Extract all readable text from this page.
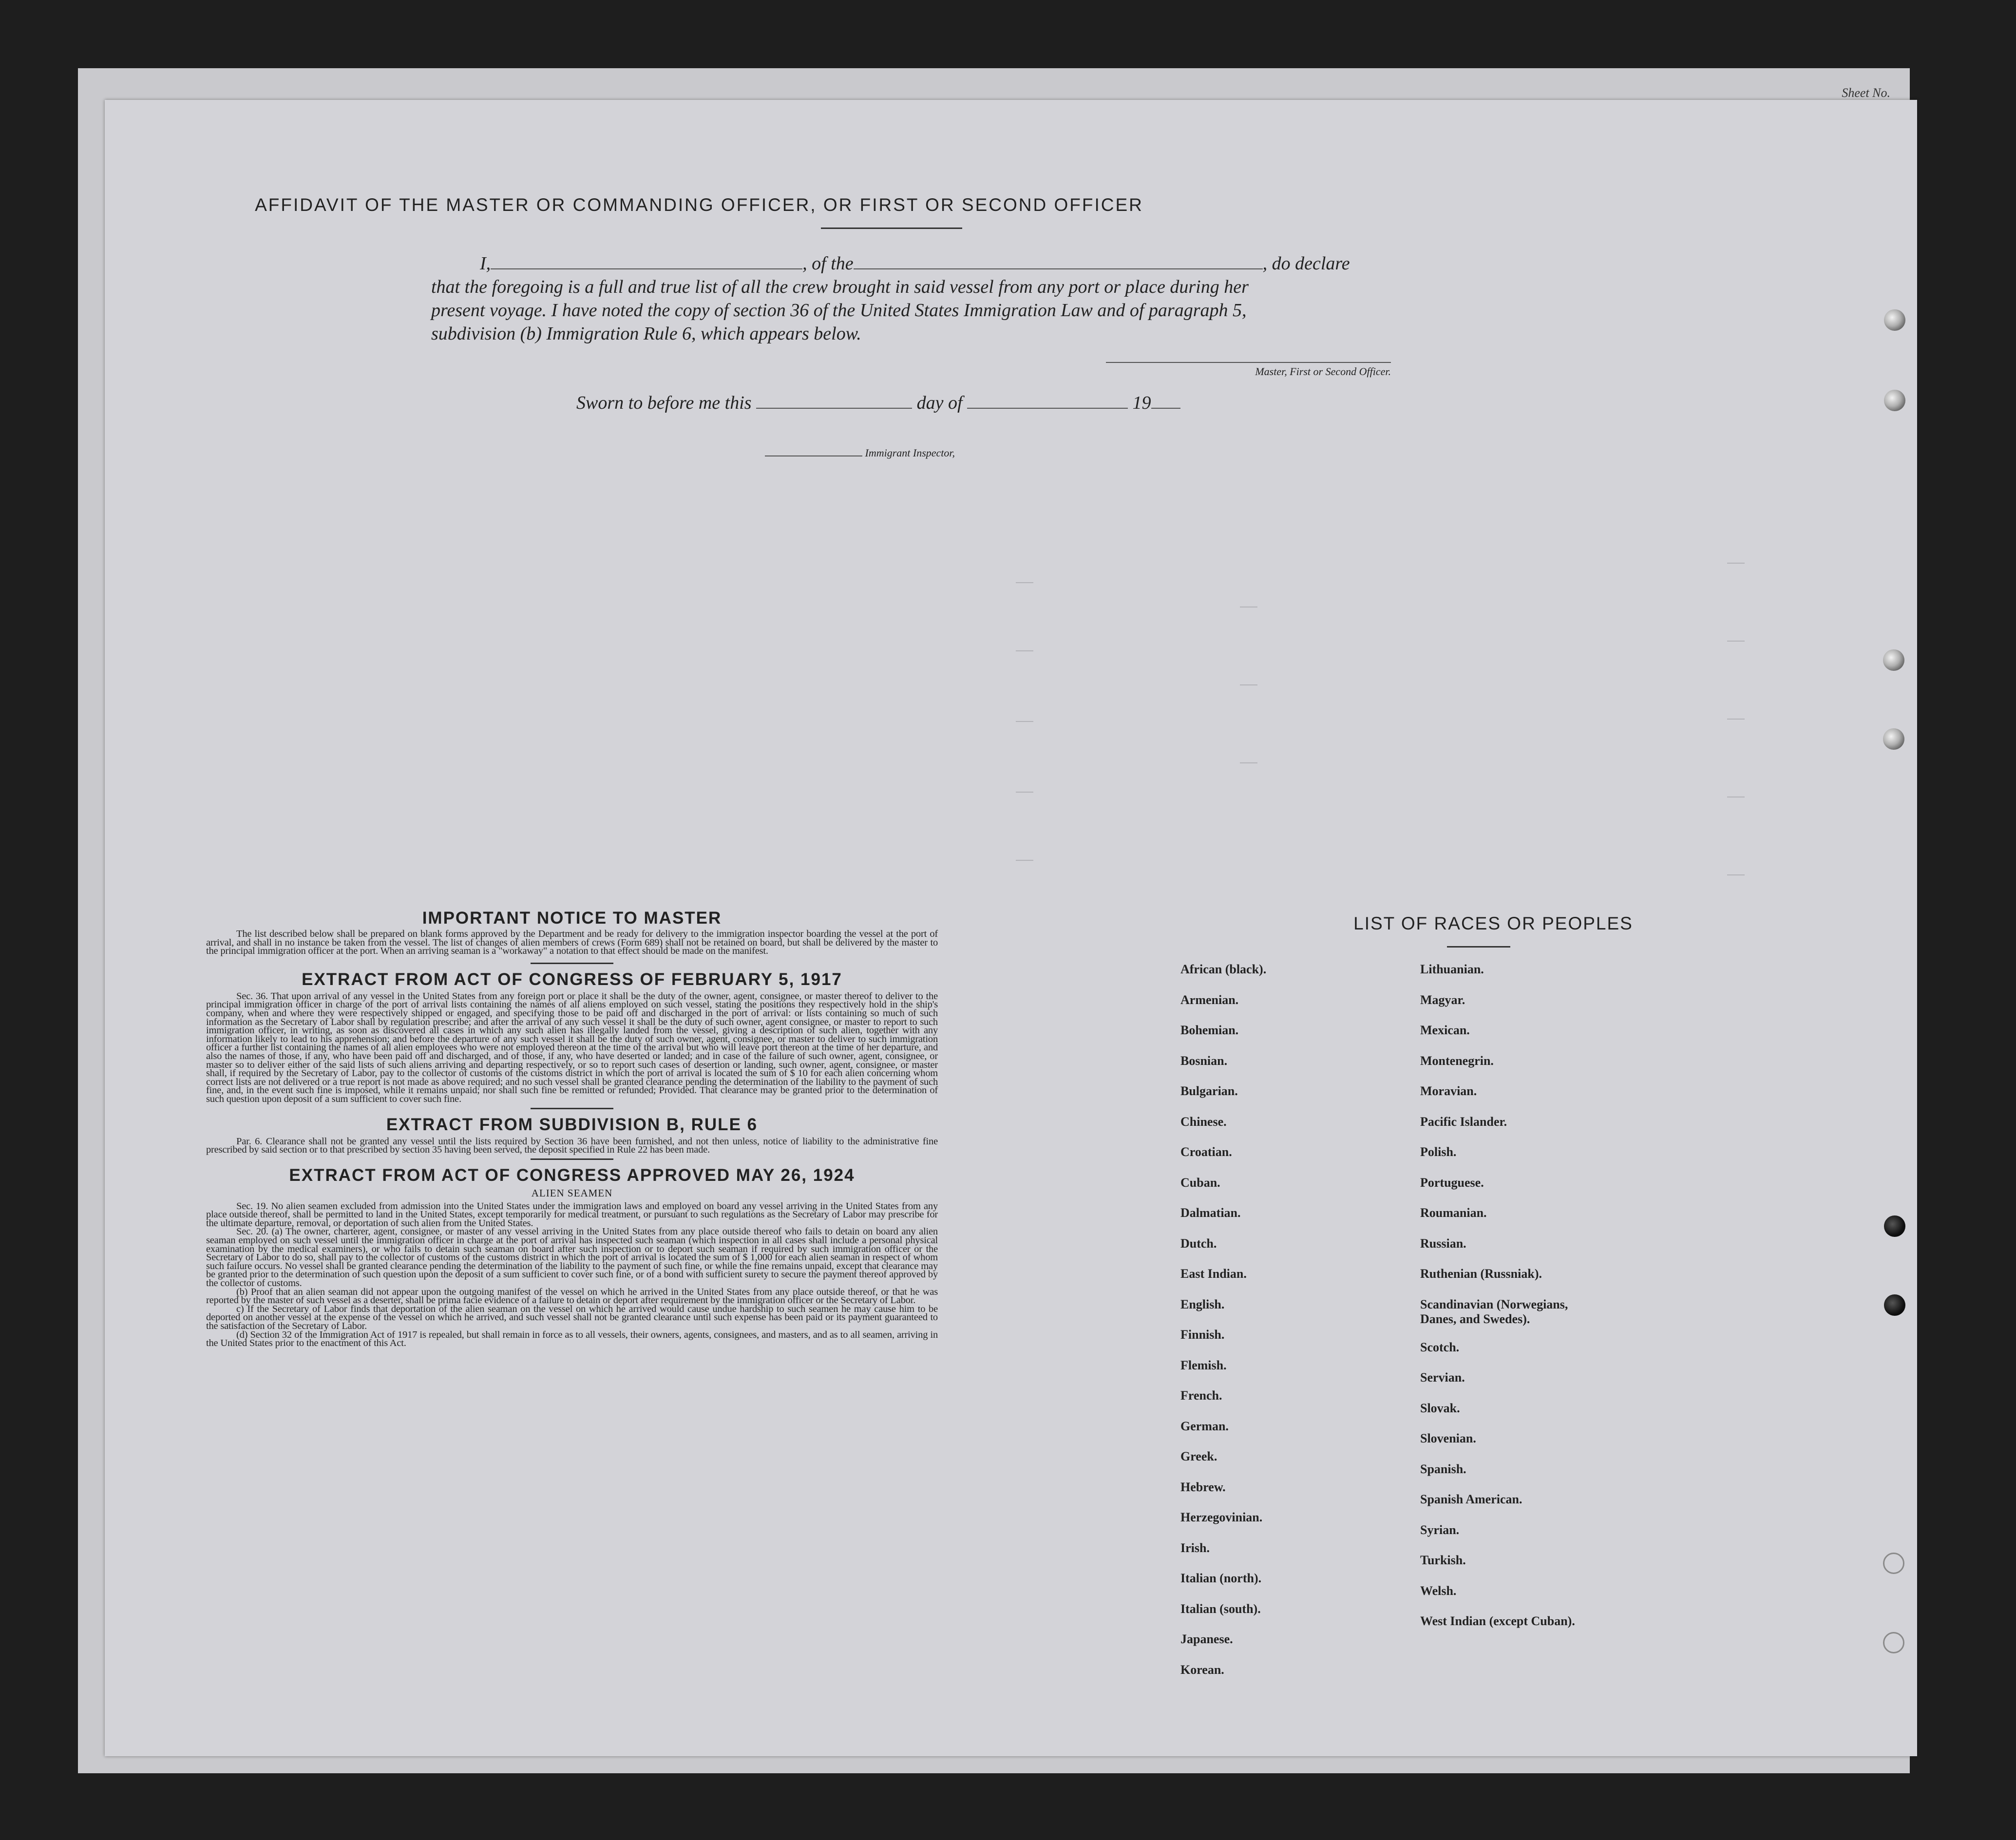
Sheet No.
AFFIDAVIT OF THE MASTER OR COMMANDING OFFICER, OR FIRST OR SECOND OFFICER
I,	, of the	, do declare
that the foregoing is a full and true list of all the crew brought in said vessel from any port or place during her
present voyage. I have noted the copy of section 36 of the United States Immigration Law and of paragraph 5,
subdivision (b) Immigration Rule 6, which appears below.
Master, First or Second Officer.
Sworn to before me this	day of	19
Immigrant Inspector,
IMPORTANT NOTICE TO MASTER

The list described below shall be prepared on blank forms approved by the Department and be ready for delivery to the immigration inspector boarding the vessel at the port of arrival, and shall in no instance be taken from the vessel. The list of changes of alien members of crews (Form 689) shall not be retained on board, but shall be delivered by the master to the principal immigration officer at the port. When an arriving seaman is a "workaway" a notation to that effect should be made on the manifest.

EXTRACT FROM ACT OF CONGRESS OF FEBRUARY 5, 1917

Sec. 36. That upon arrival of any vessel in the United States from any foreign port or place it shall be the duty of the owner, agent, consignee, or master thereof to deliver to the principal immigration officer in charge of the port of arrival lists containing the names of all aliens employed on such vessel, stating the positions they respectively hold in the ship's company, when and where they were respectively shipped or engaged, and specifying those to be paid off and discharged in the port of arrival: or lists containing so much of such information as the Secretary of Labor shall by regulation prescribe; and after the arrival of any such vessel it shall be the duty of such owner, agent consignee, or master to report to such immigration officer, in writing, as soon as discovered all cases in which any such alien has illegally landed from the vessel, giving a description of such alien, together with any information likely to lead to his apprehension; and before the departure of any such vessel it shall be the duty of such owner, agent, consignee, or master to deliver to such immigration officer a further list containing the names of all alien employees who were not employed thereon at the time of the arrival but who will leave port thereon at the time of her departure, and also the names of those, if any, who have been paid off and discharged, and of those, if any, who have deserted or landed; and in case of the failure of such owner, agent, consignee, or master so to deliver either of the said lists of such aliens arriving and departing respectively, or so to report such cases of desertion or landing, such owner, agent, consignee, or master shall, if required by the Secretary of Labor, pay to the collector of customs of the customs district in which the port of arrival is located the sum of $ 10 for each alien concerning whom correct lists are not delivered or a true report is not made as above required; and no such vessel shall be granted clearance pending the determination of the liability to the payment of such fine, and, in the event such fine is imposed, while it remains unpaid; nor shall such fine be remitted or refunded; Provided. That clearance may be granted prior to the determination of such question upon deposit of a sum sufficient to cover such fine.

EXTRACT FROM SUBDIVISION B, RULE 6

Par. 6. Clearance shall not be granted any vessel until the lists required by Section 36 have been furnished, and not then unless, notice of liability to the administrative fine prescribed by said section or to that prescribed by section 35 having been served, the deposit specified in Rule 22 has been made.

EXTRACT FROM ACT OF CONGRESS APPROVED MAY 26, 1924
ALIEN SEAMEN

Sec. 19. No alien seamen excluded from admission into the United States under the immigration laws and employed on board any vessel arriving in the United States from any place outside thereof, shall be permitted to land in the United States, except temporarily for medical treatment, or pursuant to such regulations as the Secretary of Labor may prescribe for the ultimate departure, removal, or deportation of such alien from the United States.

Sec. 20. (a) The owner, charterer, agent, consignee, or master of any vessel arriving in the United States from any place outside thereof who fails to detain on board any alien seaman employed on such vessel until the immigration officer in charge at the port of arrival has inspected such seaman (which inspection in all cases shall include a personal physical examination by the medical examiners), or who fails to detain such seaman on board after such inspection or to deport such seaman if required by such immigration officer or the Secretary of Labor to do so, shall pay to the collector of customs of the customs district in which the port of arrival is located the sum of $ 1,000 for each alien seaman in respect of whom such failure occurs. No vessel shall be granted clearance pending the determination of the liability to the payment of such fine, or while the fine remains unpaid, except that clearance may be granted prior to the determination of such question upon the deposit of a sum sufficient to cover such fine, or of a bond with sufficient surety to secure the payment thereof approved by the collector of customs.

(b) Proof that an alien seaman did not appear upon the outgoing manifest of the vessel on which he arrived in the United States from any place outside thereof, or that he was reported by the master of such vessel as a deserter, shall be prima facie evidence of a failure to detain or deport after requirement by the immigration officer or the Secretary of Labor.

c) If the Secretary of Labor finds that deportation of the alien seaman on the vessel on which he arrived would cause undue hardship to such seamen he may cause him to be deported on another vessel at the expense of the vessel on which he arrived, and such vessel shall not be granted clearance until such expense has been paid or its payment guaranteed to the satisfaction of the Secretary of Labor.

(d) Section 32 of the Immigration Act of 1917 is repealed, but shall remain in force as to all vessels, their owners, agents, consignees, and masters, and as to all seamen, arriving in the United States prior to the enactment of this Act.

LIST OF RACES OR PEOPLES
African (black).
Armenian.
Bohemian.
Bosnian.
Bulgarian.
Chinese.
Croatian.
Cuban.
Dalmatian.
Dutch.
East Indian.
English.
Finnish.
Flemish.
French.
German.
Greek.
Hebrew.
Herzegovinian.
Irish.
Italian (north).
Italian (south).
Japanese.
Korean.
Lithuanian.
Magyar.
Mexican.
Montenegrin.
Moravian.
Pacific Islander.
Polish.
Portuguese.
Roumanian.
Russian.
Ruthenian (Russniak).
Scandinavian (Norwegians, Danes, and Swedes).
Scotch.
Servian.
Slovak.
Slovenian.
Spanish.
Spanish American.
Syrian.
Turkish.
Welsh.
West Indian (except Cuban).
